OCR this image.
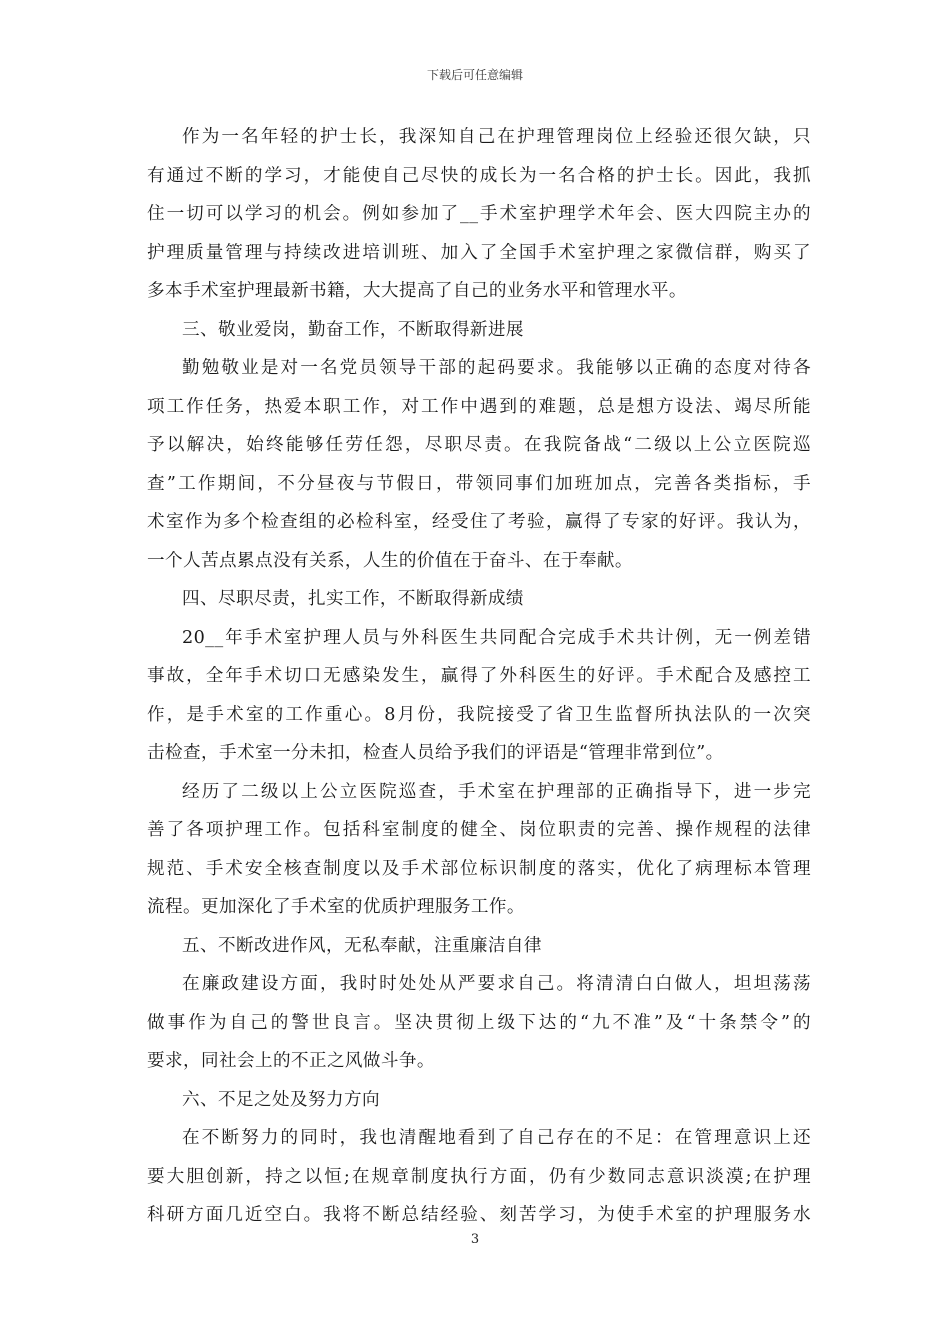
下载后可任意编辑
作为一名年轻的护士长，我深知自己在护理管理岗位上经验还很欠缺，只
有通过不断的学习，才能使自己尽快的成长为一名合格的护士长。因此，我抓
住一切可以学习的机会。例如参加了__手术室护理学术年会、医大四院主办的
护理质量管理与持续改进培训班、加入了全国手术室护理之家微信群，购买了
多本手术室护理最新书籍，大大提高了自己的业务水平和管理水平。
三、敬业爱岗，勤奋工作，不断取得新进展
勤勉敬业是对一名党员领导干部的起码要求。我能够以正确的态度对待各
项工作任务，热爱本职工作，对工作中遇到的难题，总是想方设法、竭尽所能
予以解决，始终能够任劳任怨，尽职尽责。在我院备战“二级以上公立医院巡
查”工作期间，不分昼夜与节假日，带领同事们加班加点，完善各类指标，手
术室作为多个检查组的必检科室，经受住了考验，赢得了专家的好评。我认为，
一个人苦点累点没有关系，人生的价值在于奋斗、在于奉献。
四、尽职尽责，扎实工作，不断取得新成绩
20__年手术室护理人员与外科医生共同配合完成手术共计例，无一例差错
事故，全年手术切口无感染发生，赢得了外科医生的好评。手术配合及感控工
作，是手术室的工作重心。8月份，我院接受了省卫生监督所执法队的一次突
击检查，手术室一分未扣，检查人员给予我们的评语是“管理非常到位”。
经历了二级以上公立医院巡查，手术室在护理部的正确指导下，进一步完
善了各项护理工作。包括科室制度的健全、岗位职责的完善、操作规程的法律
规范、手术安全核查制度以及手术部位标识制度的落实，优化了病理标本管理
流程。更加深化了手术室的优质护理服务工作。
五、不断改进作风，无私奉献，注重廉洁自律
在廉政建设方面，我时时处处从严要求自己。将清清白白做人，坦坦荡荡
做事作为自己的警世良言。坚决贯彻上级下达的“九不准”及“十条禁令”的
要求，同社会上的不正之风做斗争。
六、不足之处及努力方向
在不断努力的同时，我也清醒地看到了自己存在的不足：在管理意识上还
要大胆创新，持之以恒;在规章制度执行方面，仍有少数同志意识淡漠;在护理
科研方面几近空白。我将不断总结经验、刻苦学习，为使手术室的护理服务水
3
